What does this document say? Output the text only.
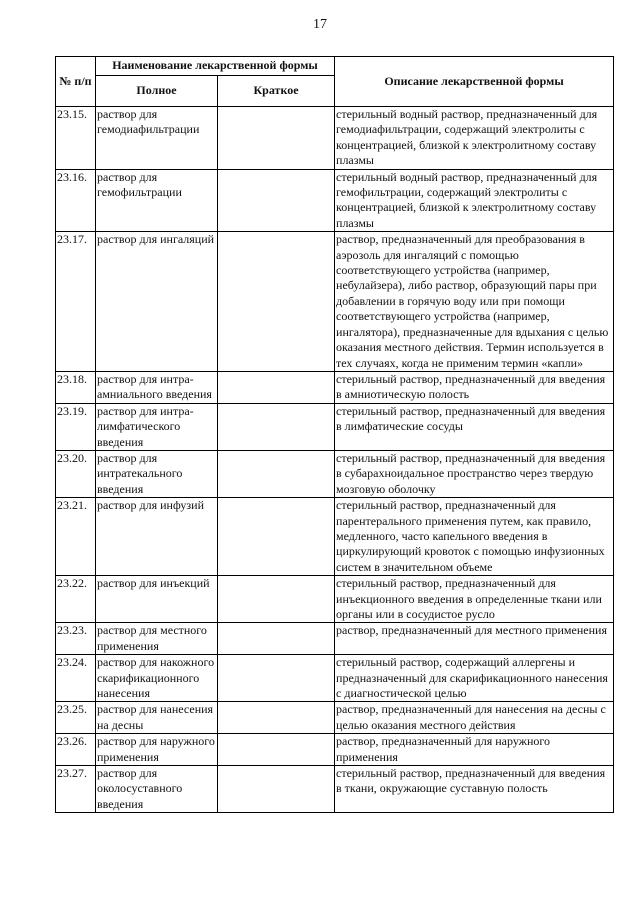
17
№ п/п	Наименование лекарственной формы		Описание лекарственной формы
	Полное	Краткое	
23.15.	раствор для гемодиафильтрации		стерильный водный раствор, предназначенный для гемодиафильтрации, содержащий электролиты с концентрацией, близкой к электролитному составу плазмы
23.16.	раствор для гемофильтрации		стерильный водный раствор, предназначенный для гемофильтрации, содержащий электролиты с концентрацией, близкой к электролитному составу плазмы
23.17.	раствор для ингаляций		раствор, предназначенный для преобразования в аэрозоль для ингаляций с помощью соответствующего устройства (например, небулайзера), либо раствор, образующий пары при добавлении в горячую воду или при помощи соответствующего устройства (например, ингалятора), предназначенные для вдыхания с целью оказания местного действия. Термин используется в тех случаях, когда не применим термин «капли»
23.18.	раствор для интра-амниального введения		стерильный раствор, предназначенный для введения в амниотическую полость
23.19.	раствор для интра-лимфатического введения		стерильный раствор, предназначенный для введения в лимфатические сосуды
23.20.	раствор для интратекального введения		стерильный раствор, предназначенный для введения в субарахноидальное пространство через твердую мозговую оболочку
23.21.	раствор для инфузий		стерильный раствор, предназначенный для парентерального применения путем, как правило, медленного, часто капельного введения в циркулирующий кровоток с помощью инфузионных систем в значительном объеме
23.22.	раствор для инъекций		стерильный раствор, предназначенный для инъекционного введения в определенные ткани или органы или в сосудистое русло
23.23.	раствор для местного применения		раствор, предназначенный для местного применения
23.24.	раствор для накожного скарификационного нанесения		стерильный раствор, содержащий аллергены и предназначенный для скарификационного нанесения с диагностической целью
23.25.	раствор для нанесения на десны		раствор, предназначенный для нанесения на десны с целью оказания местного действия
23.26.	раствор для наружного применения		раствор, предназначенный для наружного применения
23.27.	раствор для околосуставного введения		стерильный раствор, предназначенный для введения в ткани, окружающие суставную полость
